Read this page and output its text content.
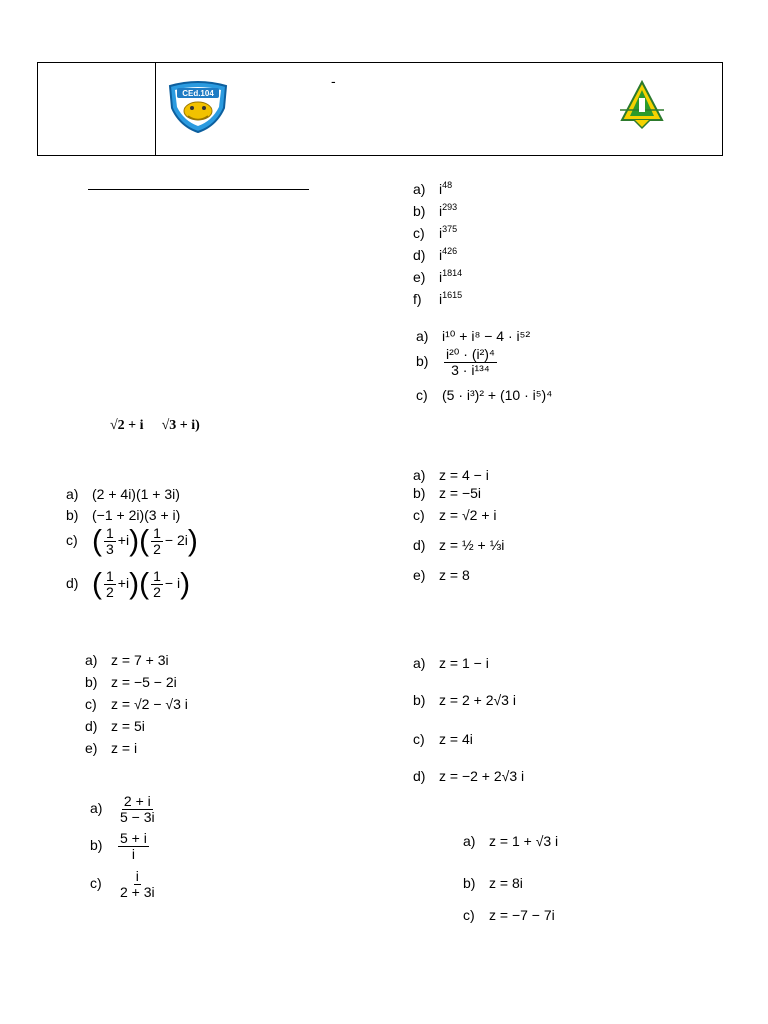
-
CEd.104
a) $i^{48}$
b) $i^{293}$
c) $i^{375}$
d) $i^{426}$
e) $i^{1814}$
f) $i^{1615}$
a) i¹⁰ + i⁸ − 4 · i⁵²
$b) \frac{\text{i²⁰ · (i²)⁴}}{\text{3 · i¹³⁴}}$
c) (5 · i³)² + (10 · i⁵)⁴
√2 + i √3 + i)
a) (2 + 4i)(1 + 3i)
b) (−1 + 2i)(3 + i)
c) ( $\frac{1}{3} +i)( \frac{1}{2} - 2i)$
d) ( $\frac{1}{2} +i)( \frac{1}{2} - i)$
a) z = 4 − i
b) z = −5i
c) z = √2 + i
d) z = ½ + ⅓i
e) z = 8
a) z = 7 + 3i
b) z = −5 − 2i
c) z = √2 − √3 i
d) z = 5i
e) z = i
a) z = 1 − i
b) z = 2 + 2√3 i
c) z = 4i
d) z = −2 + 2√3 i
$a) \frac{2 + i}{5 - 3i}$
$b) \frac{5 + i}{i}$
$c) \frac{i}{2 + 3i}$
a) z = 1 + √3 i
b) z = 8i
c) z = −7 − 7i
